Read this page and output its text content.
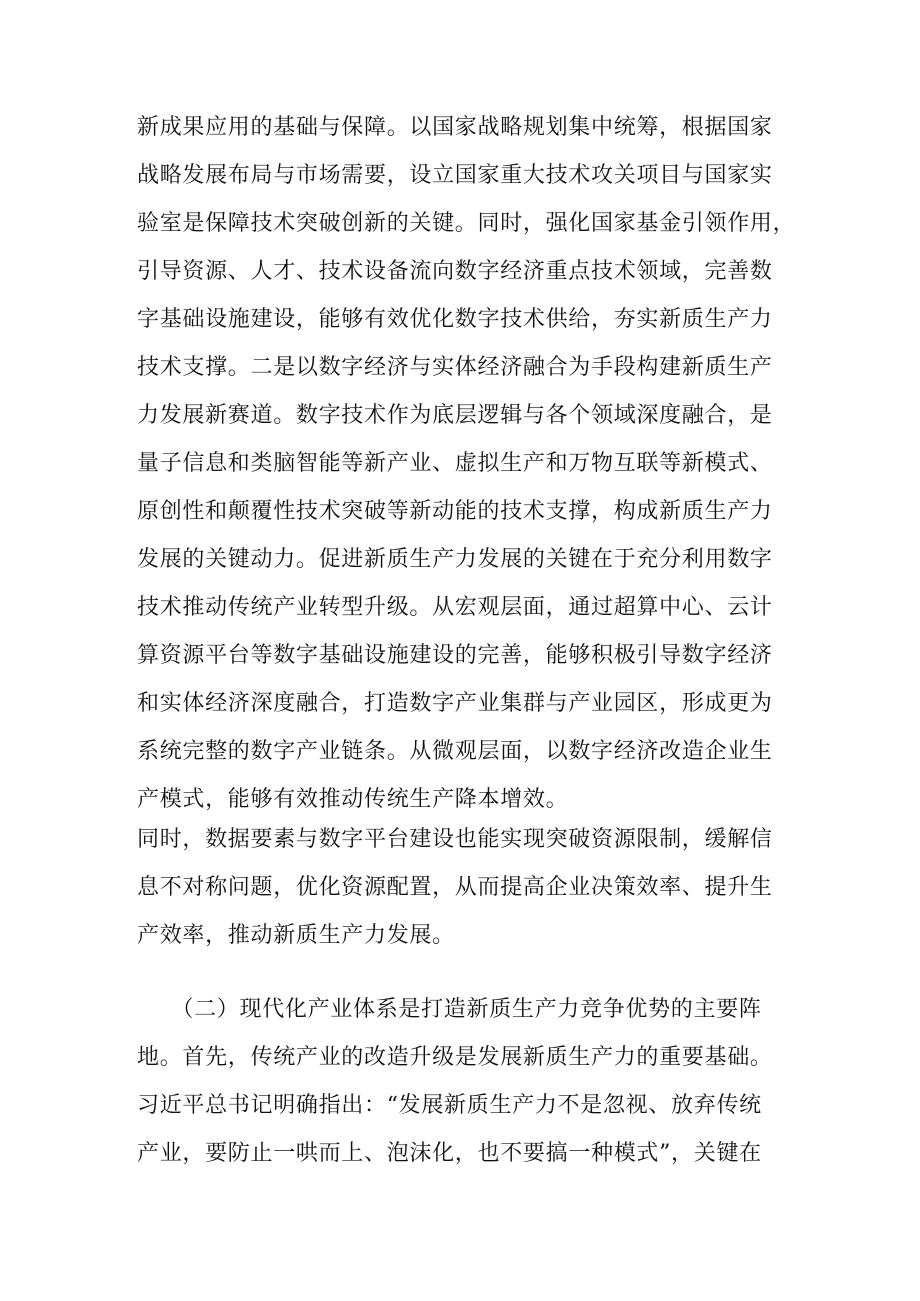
新成果应用的基础与保障。以国家战略规划集中统筹，根据国家
战略发展布局与市场需要，设立国家重大技术攻关项目与国家实
验室是保障技术突破创新的关键。同时，强化国家基金引领作用，
引导资源、人才、技术设备流向数字经济重点技术领域，完善数
字基础设施建设，能够有效优化数字技术供给，夯实新质生产力
技术支撑。二是以数字经济与实体经济融合为手段构建新质生产
力发展新赛道。数字技术作为底层逻辑与各个领域深度融合，是
量子信息和类脑智能等新产业、虚拟生产和万物互联等新模式、
原创性和颠覆性技术突破等新动能的技术支撑，构成新质生产力
发展的关键动力。促进新质生产力发展的关键在于充分利用数字
技术推动传统产业转型升级。从宏观层面，通过超算中心、云计
算资源平台等数字基础设施建设的完善，能够积极引导数字经济
和实体经济深度融合，打造数字产业集群与产业园区，形成更为
系统完整的数字产业链条。从微观层面，以数字经济改造企业生
产模式，能够有效推动传统生产降本增效。
同时，数据要素与数字平台建设也能实现突破资源限制，缓解信
息不对称问题，优化资源配置，从而提高企业决策效率、提升生
产效率，推动新质生产力发展。
　　（二）现代化产业体系是打造新质生产力竞争优势的主要阵
地。首先，传统产业的改造升级是发展新质生产力的重要基础。
习近平总书记明确指出：“发展新质生产力不是忽视、放弃传统
产业，要防止一哄而上、泡沫化，也不要搞一种模式”，关键在
